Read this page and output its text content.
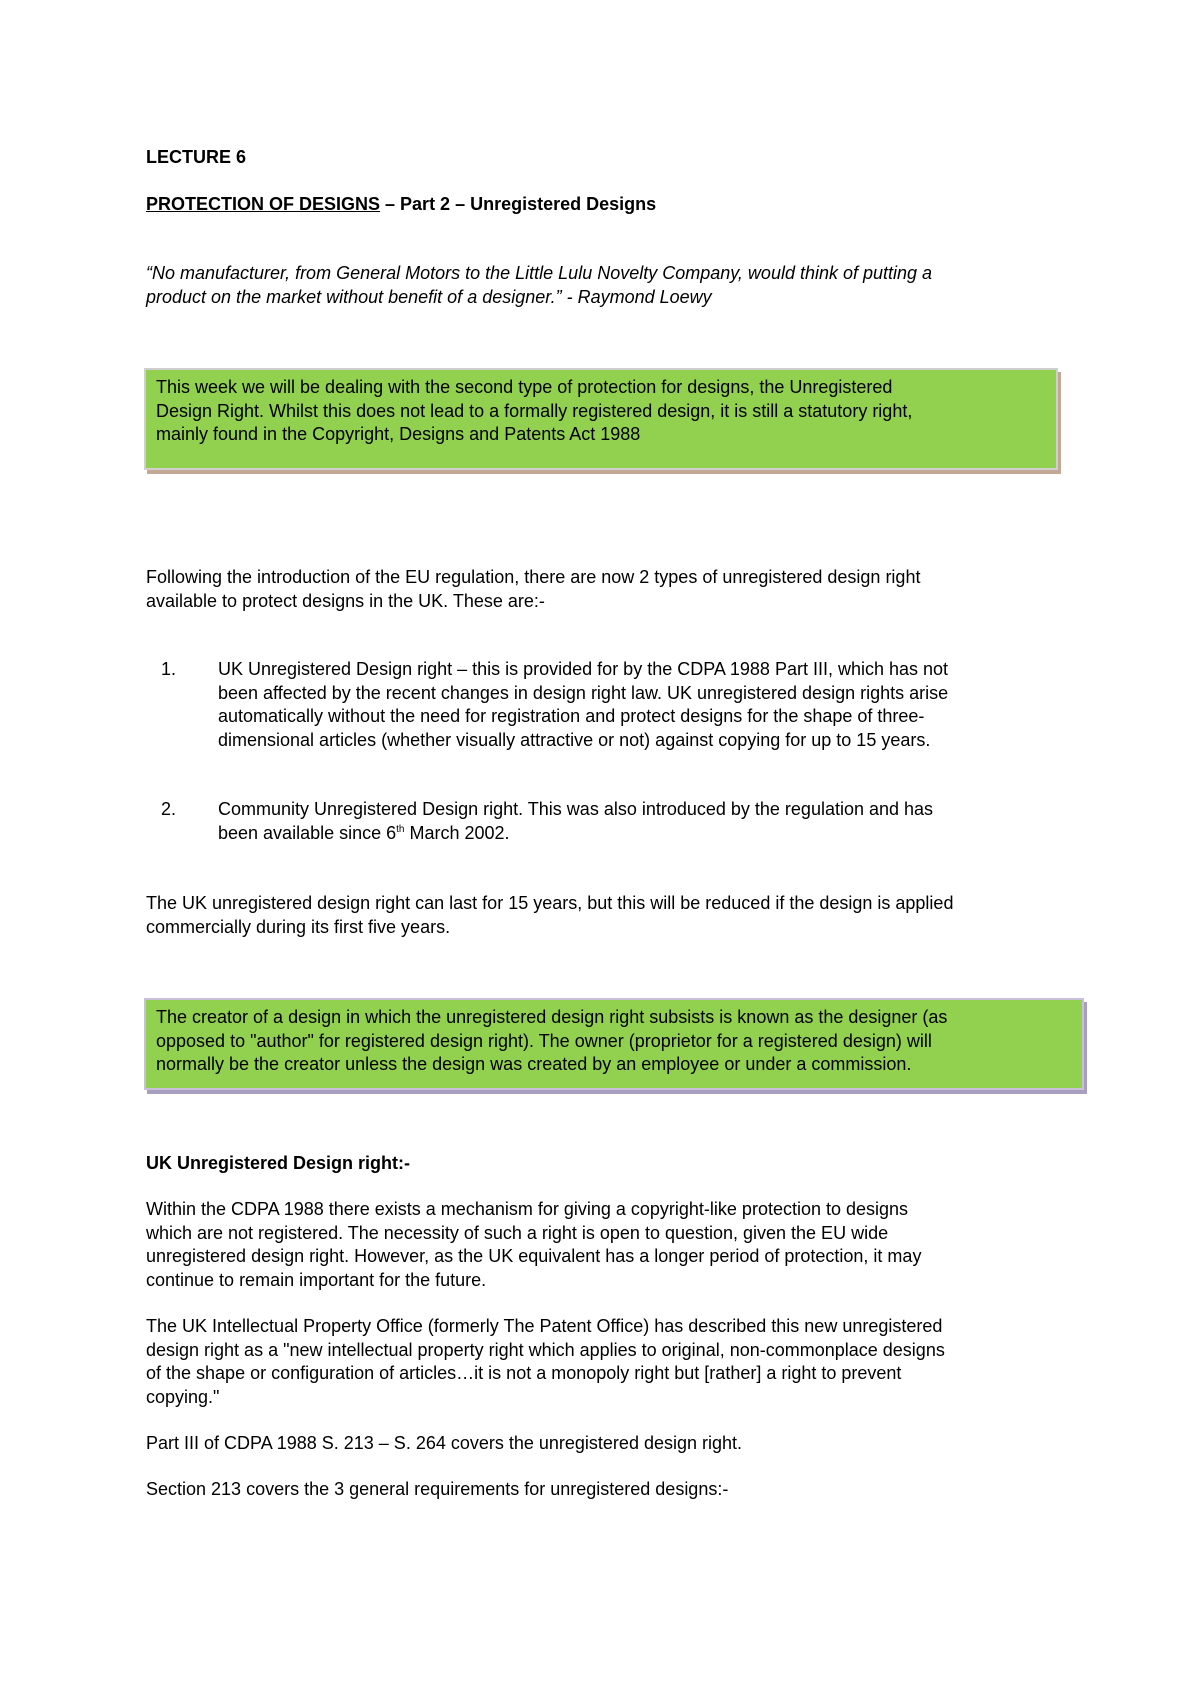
LECTURE 6

PROTECTION OF DESIGNS – Part 2 – Unregistered Designs

“No manufacturer, from General Motors to the Little Lulu Novelty Company, would think of putting a

product on the market without benefit of a designer.” - Raymond Loewy

This week we will be dealing with the second type of protection for designs, the Unregistered

Design Right. Whilst this does not lead to a formally registered design, it is still a statutory right,

mainly found in the Copyright, Designs and Patents Act 1988

Following the introduction of the EU regulation, there are now 2 types of unregistered design right

available to protect designs in the UK. These are:-

1. UK Unregistered Design right – this is provided for by the CDPA 1988 Part III, which has not

been affected by the recent changes in design right law. UK unregistered design rights arise

automatically without the need for registration and protect designs for the shape of three-

dimensional articles (whether visually attractive or not) against copying for up to 15 years.

2. Community Unregistered Design right. This was also introduced by the regulation and has

been available since 6th March 2002.

The UK unregistered design right can last for 15 years, but this will be reduced if the design is applied

commercially during its first five years.

The creator of a design in which the unregistered design right subsists is known as the designer (as

opposed to "author" for registered design right). The owner (proprietor for a registered design) will

normally be the creator unless the design was created by an employee or under a commission.

UK Unregistered Design right:-

Within the CDPA 1988 there exists a mechanism for giving a copyright-like protection to designs

which are not registered. The necessity of such a right is open to question, given the EU wide

unregistered design right. However, as the UK equivalent has a longer period of protection, it may

continue to remain important for the future.

The UK Intellectual Property Office (formerly The Patent Office) has described this new unregistered

design right as a "new intellectual property right which applies to original, non-commonplace designs

of the shape or configuration of articles…it is not a monopoly right but [rather] a right to prevent

copying."

Part III of CDPA 1988 S. 213 – S. 264 covers the unregistered design right.

Section 213 covers the 3 general requirements for unregistered designs:-
